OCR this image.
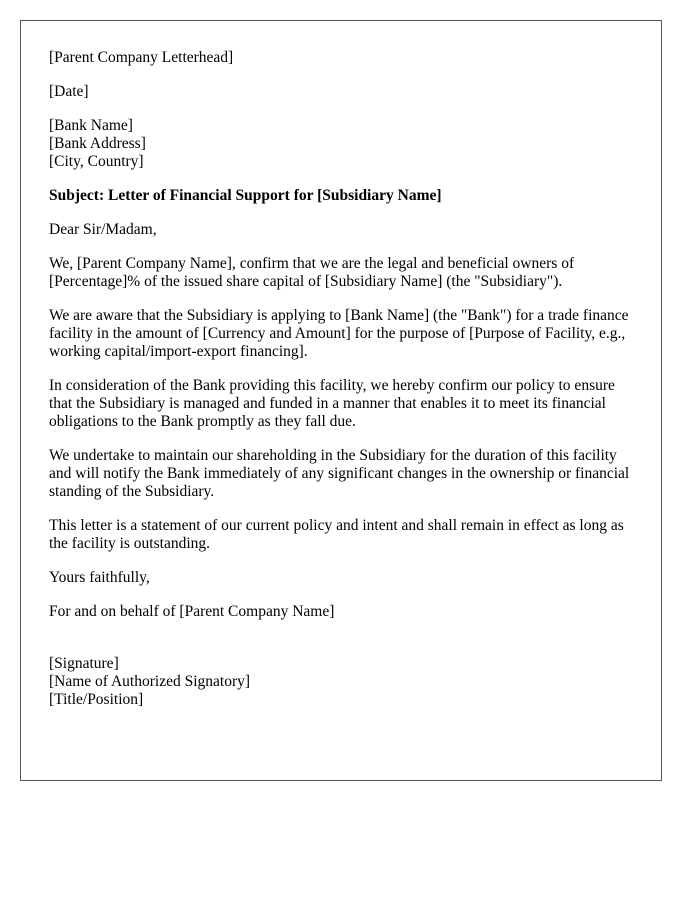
[Parent Company Letterhead]

[Date]

[Bank Name]
[Bank Address]
[City, Country]

Subject: Letter of Financial Support for [Subsidiary Name]

Dear Sir/Madam,

We, [Parent Company Name], confirm that we are the legal and beneficial owners of [Percentage]% of the issued share capital of [Subsidiary Name] (the "Subsidiary").

We are aware that the Subsidiary is applying to [Bank Name] (the "Bank") for a trade finance facility in the amount of [Currency and Amount] for the purpose of [Purpose of Facility, e.g., working capital/import-export financing].

In consideration of the Bank providing this facility, we hereby confirm our policy to ensure that the Subsidiary is managed and funded in a manner that enables it to meet its financial obligations to the Bank promptly as they fall due.

We undertake to maintain our shareholding in the Subsidiary for the duration of this facility and will notify the Bank immediately of any significant changes in the ownership or financial standing of the Subsidiary.

This letter is a statement of our current policy and intent and shall remain in effect as long as the facility is outstanding.

Yours faithfully,

For and on behalf of [Parent Company Name]

[Signature]
[Name of Authorized Signatory]
[Title/Position]
